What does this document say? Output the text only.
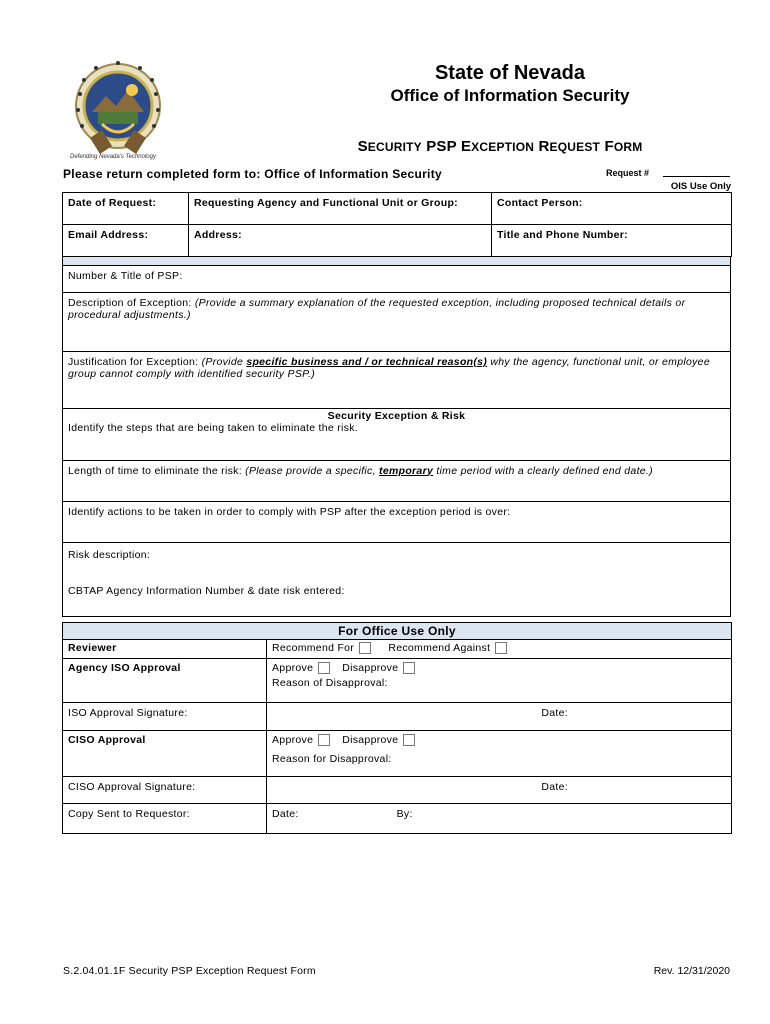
Defending Nevada's Technology
State of Nevada
Office of Information Security
SECURITY PSP EXCEPTION REQUEST FORM
Please return completed form to: Office of Information Security	Request #
OIS Use Only
Date of Request:	Requesting Agency and Functional Unit or Group:	Contact Person:
Email Address:	Address:	Title and Phone Number:

Number & Title of PSP:
Description of Exception: (Provide a summary explanation of the requested exception, including proposed technical details or procedural adjustments.)
Justification for Exception: (Provide specific business and / or technical reason(s) why the agency, functional unit, or employee group cannot comply with identified security PSP.)
Security Exception & Risk
Identify the steps that are being taken to eliminate the risk.
Length of time to eliminate the risk: (Please provide a specific, temporary time period with a clearly defined end date.)
Identify actions to be taken in order to comply with PSP after the exception period is over:

Risk description:
CBTAP Agency Information Number & date risk entered:
For Office Use Only	
Reviewer	Recommend For Recommend Against
Agency ISO Approval	Approve Disapprove
Reason of Disapproval:

ISO Approval Signature:	Date:

CISO Approval	Approve Disapprove
Reason for Disapproval:

CISO Approval Signature:	Date:

Copy Sent to Requestor:	Date: By:
S.2.04.01.1F Security PSP Exception Request Form	Rev. 12/31/2020
